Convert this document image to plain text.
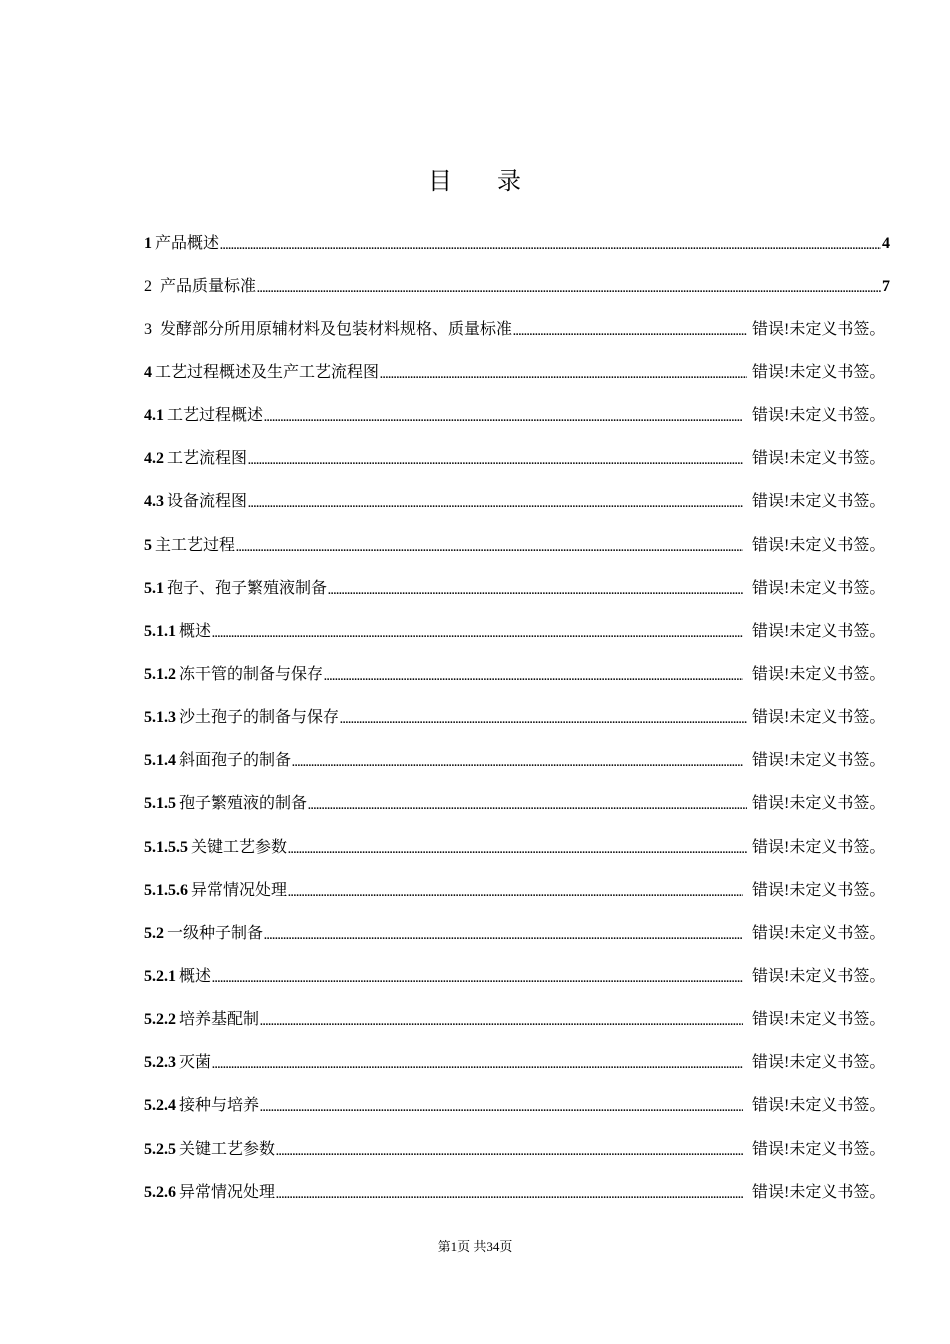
目 录
1 产品概述 .....	4
2 产品质量标准 .....	7
3 发酵部分所用原辅材料及包装材料规格、质量标准 .....	错误!未定义书签。
4 工艺过程概述及生产工艺流程图 .....	错误!未定义书签。
4.1 工艺过程概述 .....	错误!未定义书签。
4.2 工艺流程图 .....	错误!未定义书签。
4.3 设备流程图 .....	错误!未定义书签。
5 主工艺过程 .....	错误!未定义书签。
5.1 孢子、孢子繁殖液制备 .....	错误!未定义书签。
5.1.1 概述 .....	错误!未定义书签。
5.1.2 冻干管的制备与保存 .....	错误!未定义书签。
5.1.3 沙土孢子的制备与保存 .....	错误!未定义书签。
5.1.4 斜面孢子的制备 .....	错误!未定义书签。
5.1.5 孢子繁殖液的制备 .....	错误!未定义书签。
5.1.5.5 关键工艺参数 .....	错误!未定义书签。
5.1.5.6 异常情况处理 .....	错误!未定义书签。
5.2 一级种子制备 .....	错误!未定义书签。
5.2.1 概述 .....	错误!未定义书签。
5.2.2 培养基配制 .....	错误!未定义书签。
5.2.3 灭菌 .....	错误!未定义书签。
5.2.4 接种与培养 .....	错误!未定义书签。
5.2.5 关键工艺参数 .....	错误!未定义书签。
5.2.6 异常情况处理 .....	错误!未定义书签。
第1页 共34页
